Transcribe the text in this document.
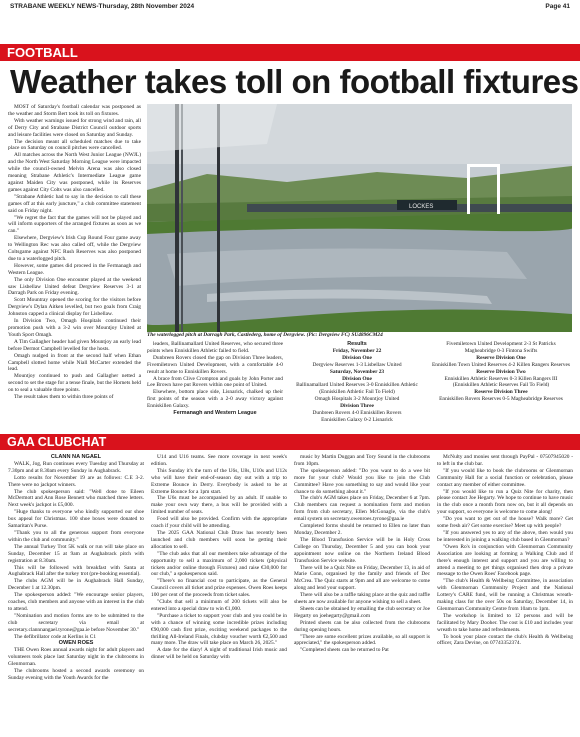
STRABANE WEEKLY NEWS-Thursday, 28th November 2024	Page 41
FOOTBALL
Weather takes toll on football fixtures

MOST of Saturday's football calendar was postponed as the weather and Storm Bert took its toll on fixtures.

With weather warnings issued for strong wind and rain, all of Derry City and Strabane District Council outdoor sports and leisure facilities were closed on Saturday and Sunday.

The decision meant all scheduled matches due to take place on Saturday on council pitches were cancelled.

All matches across the North West Junior League (NWJL) and the North West Saturday Morning League were impacted while the council-owned Melvin Arena was also closed meaning Strabane Athletic's Intermediate League game against Maiden City was postponed, while its Reserves games against City Colts was also cancelled.

"Strabane Athletic had to say in the decision to call these games off at this early juncture," a club committee statement said on Friday night.

"We regret the fact that the games will not be played and will inform supporters of the arranged fixtures as soon as we can."

Elsewhere, Dergview's Irish Cup Round Four game away to Wellington Rec was also called off, while the Dergview Coltsgame against NFC Rush Reserves was also postponed due to a waterlogged pitch.

However, some games did proceed in the Fermanagh and Western League.

The only Division One encounter played at the weekend saw Lisbellaw United defeat Dergview Reserves 3-1 at Darragh Park on Friday evening.

Scott Mountray opened the scoring for the visitors before Dergview's Dylan Aitken levelled, but two goals from Craig Johnston capped a clinical display for Lisbellaw.

In Division Two, Omagh Hospitals continued their promotion push with a 3-2 win over Mountjoy United at Youth Sport Omagh.

A Tim Gallagher header had given Mountjoy an early lead before Dermot Campbell levelled for the hosts.

Omagh nudged in front at the second half when Ethan Campbell slotted home while Niall McCarter extended the lead.

Mountjoy continued to push and Gallagher netted a second to set the stage for a tense finale, but the Hornets held on to seal a valuable three points.

The result takes them to within three points of

LOCKES
The waterlogged pitch at Darragh Park, Castlederg, home of Dergview. (Pic: Dergview FC) SU4896CM24

leaders, Ballinamallard United Reserves, who secured three points when Enniskillen Athletic failed to field.

Dunbreen Rovers closed the gap on Division Three leaders, Fivemiletown United Development, with a comfortable 4-0 result at home to Enniskillen Rovers.

A brace from Clive Crompton and goals by John Porter and Lee Brown have put Rovers within one point of United.

Elsewhere, bottom place side, Lisnarick, chalked up their first points of the season with a 2-0 away victory against Enniskillen Galaxy.

Fermanagh and Western League

Results

Friday, November 22

Division One

Dergview Reserves 1-3 Lisbellaw United

Saturday, November 23

Division One

Ballinamallard United Reserves 3-0 Enniskillen Athletic (Enniskillen Athletic Fail To Field)

Omagh Hospitals 3-2 Mountjoy United

Division Three

Dunbreen Rovers 4-0 Enniskillen Rovers

Enniskillen Galaxy 0-2 Lisnarick

Fivemiletown United Development 2-3 St Patricks Magheabridge 0-3 Fintona Swifts

Reserve Division One

Enniskillen Town United Reserves 4-2 Killen Rangers Reserves

Reserve Division Two

Enniskillen Athletic Reserves 0-3 Killen Rangers III

(Enniskillen Athletic Reserves Fail To Field)

Reserve Division Three

Enniskillen Rovers Reserves 0-5 Magheabridge Reserves

GAA CLUBCHAT

CLANN NA NGAEL

WALK, Jog, Run continues every Tuesday and Thursday at 7.30pm and at 8.30am every Sunday in Aughabrack.

Lotto results for November 19 are as follows: C.E 3-2. There were no jackpot winners.

The club spokesperson said: "Well done to Eileen McDermott and Ann Rose Bennett who matched three letters. Next week's jackpot is £5,000.

"Huge thanks to everyone who kindly supported our shoe box appeal for Christmas. 100 shoe boxes were donated to Samaritan's Purse.

"Thank you to all the generous support from everyone within the club and community."

The annual Turkey Trot 5K walk or run will take place on Sunday, December 15 at 9am at Aughabrack pitch with registration at 8.30am.

This will be followed with breakfast with Santa at Aughabrack Hall after the turkey trot (pre-booking essential).

The clubs AGM will be in Aughabrack Hall Sunday, December 1 at 12.30pm.

The spokesperson added: "We encourage senior players, coaches, club members and anyone with an interest in the club to attend.

"Nomination and motion forms are to be submitted to the club secretary via email at secretary.clannnangael.tyrone@gaa.ie before November 30."

The defibrillator code at Kerlins is C1

OWEN ROES

THE Owen Roes annual awards night for adult players and volunteers took place last Saturday night in the clubrooms in Glenmornan.

The clubrooms hosted a second awards ceremony on Sunday evening with the Youth Awards for the

U14 and U16 teams. See more coverage in next week's edition.

This Sunday it's the turn of the U6s, U8s, U10s and U12s who will have their end-of-season day out with a trip to Extreme Bounce in Derry. Everybody is asked to be at Extreme Bounce for a 1pm start.

The U6s must be accompanied by an adult. If unable to make your own way there, a bus will be provided with a limited number of seats.

Food will also be provided. Confirm with the appropriate coach if your child will be attending.

The 2025 GAA National Club Draw has recently been launched and club members will soon be getting their allocation to sell.

"The club asks that all our members take advantage of the opportunity to sell a maximum of 2,000 tickets (physical tickets and/or online through Fixtureu) and raise €30,000 for our club," a spokesperson said.

"There's no financial cost to participate, as the General Council covers all ticket and prize expenses. Owen Roes keeps 100 per cent of the proceeds from ticket sales.

"Clubs that sell a minimum of 200 tickets will also be entered into a special draw to win €1,000.

"Purchase a ticket to support your club and you could be in with a chance of winning some incredible prizes including €90,000 cash first prize, exciting weekend packages to the thrilling All-Ireland Finals, clubday voucher worth €2,500 and many more. The draw will take place on March 26, 2025."

A date for the diary! A night of traditional Irish music and dinner will be held on Saturday with

music by Martin Duggan and Tory Sound in the clubrooms from 10pm.

The spokesperson added: "Do you want to do a wee bit more for your club? Would you like to join the Club Committee? Have you something to say and would like your chance to do something about it."

The club's AGM takes place on Friday, December 6 at 7pm. Club members can request a nomination form and motion form from club secretary, Ellen McGonagle, via the club's email system on secretary.owenroes.tyrone@gaa.ie

Completed forms should be returned to Ellen no later than Monday, December 2.

The Blood Transfusion Service will be in Holy Cross College on Thursday, December 5 and you can book your appointment now online on the Northern Ireland Blood Transfusion Service website.

There will be a Quiz Nite on Friday, December 13, in aid of Marie Conn, organised by the family and friends of Dec McCrea. The Quiz starts at 9pm and all are welcome to come along and lend your support.

There will also be a raffle taking place at the quiz and raffle sheets are now available for anyone wishing to sell a sheet.

Sheets can be obtained by emailing the club secretary or Joe Hegarty on joehegarty@gmail.com

Printed sheets can be also collected from the clubrooms during opening hours.

"There are some excellent prizes available, so all support is appreciated," the spokesperson added.

"Completed sheets can be returned to Pat

McNulty and monies sent through PayPal - 07507945020 - to left in the club bar.

"If you would like to book the clubrooms or Glenmornan Community Hall for a social function or celebration, please contact any member of either committee.

"If you would like to run a Quiz Nite for charity, then please contact Joe Hegarty. We hope to continue to have music in the club once a month from now on, but it all depends on your support, so everyone is welcome to come along!

"Do you want to get out of the house? Walk more? Get some fresh air? Get some exercise? Meet up with people?

"If you answered yes to any of the above, then would you be interested in joining a walking club based in Glenmornan?

"Owen Ro's in conjunction with Glenmornan Community Association are looking at forming a Walking Club and if there's enough interest and support and you are willing to attend a meeting to get things organised then drop a private message to the Owen Roes' Facebook page.

"The club's Health & Wellbeing Committee, in association with Glenmornan Community Project and the National Lottery's CARE fund, will be running a Christmas wreath-making class for the over 50s on Saturday, December 14, in Glenmornan Community Centre from 10am to 1pm.

The workshop is limited to 12 persons and will be facilitated by Mary Dooher. The cost is £10 and includes your wreath to take home and refreshments.

To book your place contact the club's Health & Wellbeing officer, Zara Devine, on 07743352374.
